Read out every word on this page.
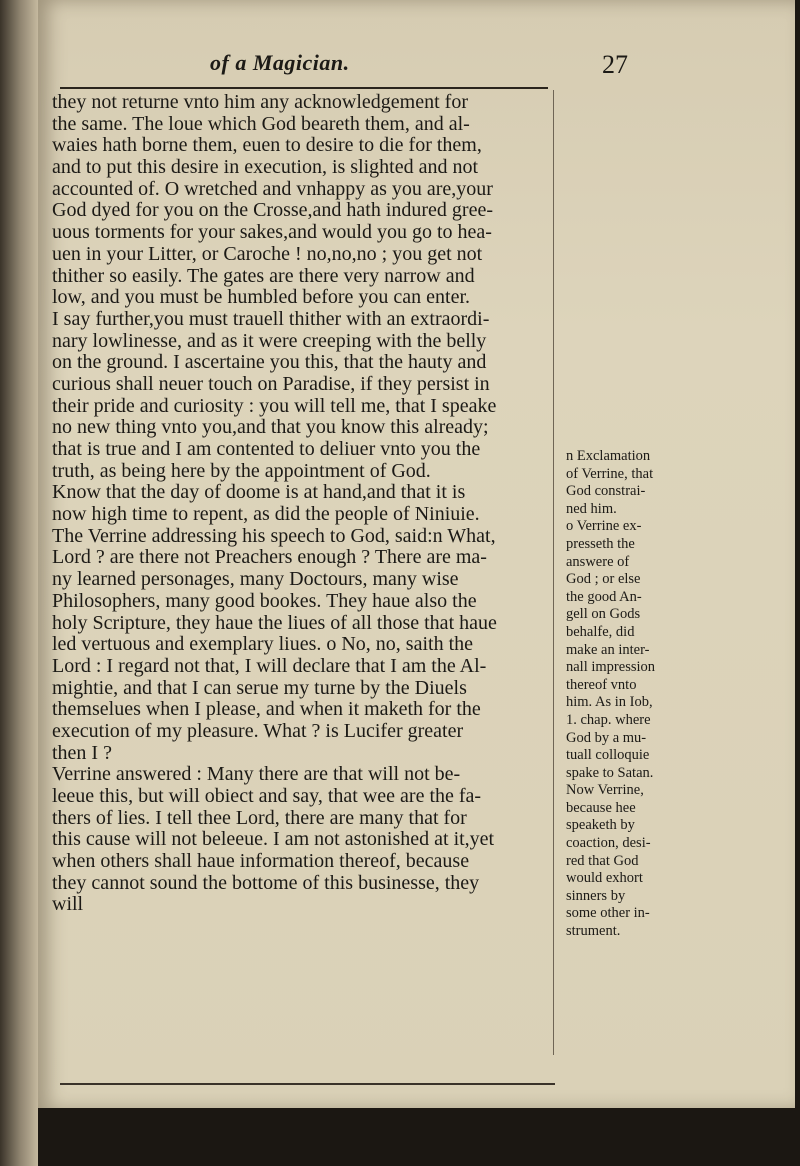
of a Magician.	27
they not returne vnto him any acknowledgement for
the same. The loue which God beareth them, and al-
waies hath borne them, euen to desire to die for them,
and to put this desire in execution, is slighted and not
accounted of. O wretched and vnhappy as you are,your
God dyed for you on the Crosse,and hath indured gree-
uous torments for your sakes,and would you go to hea-
uen in your Litter, or Caroche ! no,no,no ; you get not
thither so easily. The gates are there very narrow and
low, and you must be humbled before you can enter.
I say further,you must trauell thither with an extraordi-
nary lowlinesse, and as it were creeping with the belly
on the ground. I ascertaine you this, that the hauty and
curious shall neuer touch on Paradise, if they persist in
their pride and curiosity : you will tell me, that I speake
no new thing vnto you,and that you know this already;
that is true and I am contented to deliuer vnto you the
truth, as being here by the appointment of God.
Know that the day of doome is at hand,and that it is
now high time to repent, as did the people of Niniuie.
The Verrine addressing his speech to God, said:n What,
Lord ? are there not Preachers enough ? There are ma-
ny learned personages, many Doctours, many wise
Philosophers, many good bookes. They haue also the
holy Scripture, they haue the liues of all those that haue
led vertuous and exemplary liues. o No, no, saith the
Lord : I regard not that, I will declare that I am the Al-
mightie, and that I can serue my turne by the Diuels
themselues when I please, and when it maketh for the
execution of my pleasure. What ? is Lucifer greater
then I ?
Verrine answered : Many there are that will not be-
leeue this, but will obiect and say, that wee are the fa-
thers of lies. I tell thee Lord, there are many that for
this cause will not beleeue. I am not astonished at it,yet
when others shall haue information thereof, because
they cannot sound the bottome of this businesse, they
will
n Exclamation
of Verrine, that
God constrai-
ned him.
o Verrine ex-
presseth the
answere of
God ; or else
the good An-
gell on Gods
behalfe, did
make an inter-
nall impression
thereof vnto
him. As in Iob,
1. chap. where
God by a mu-
tuall colloquie
spake to Satan.
Now Verrine,
because hee
speaketh by
coaction, desi-
red that God
would exhort
sinners by
some other in-
strument.
